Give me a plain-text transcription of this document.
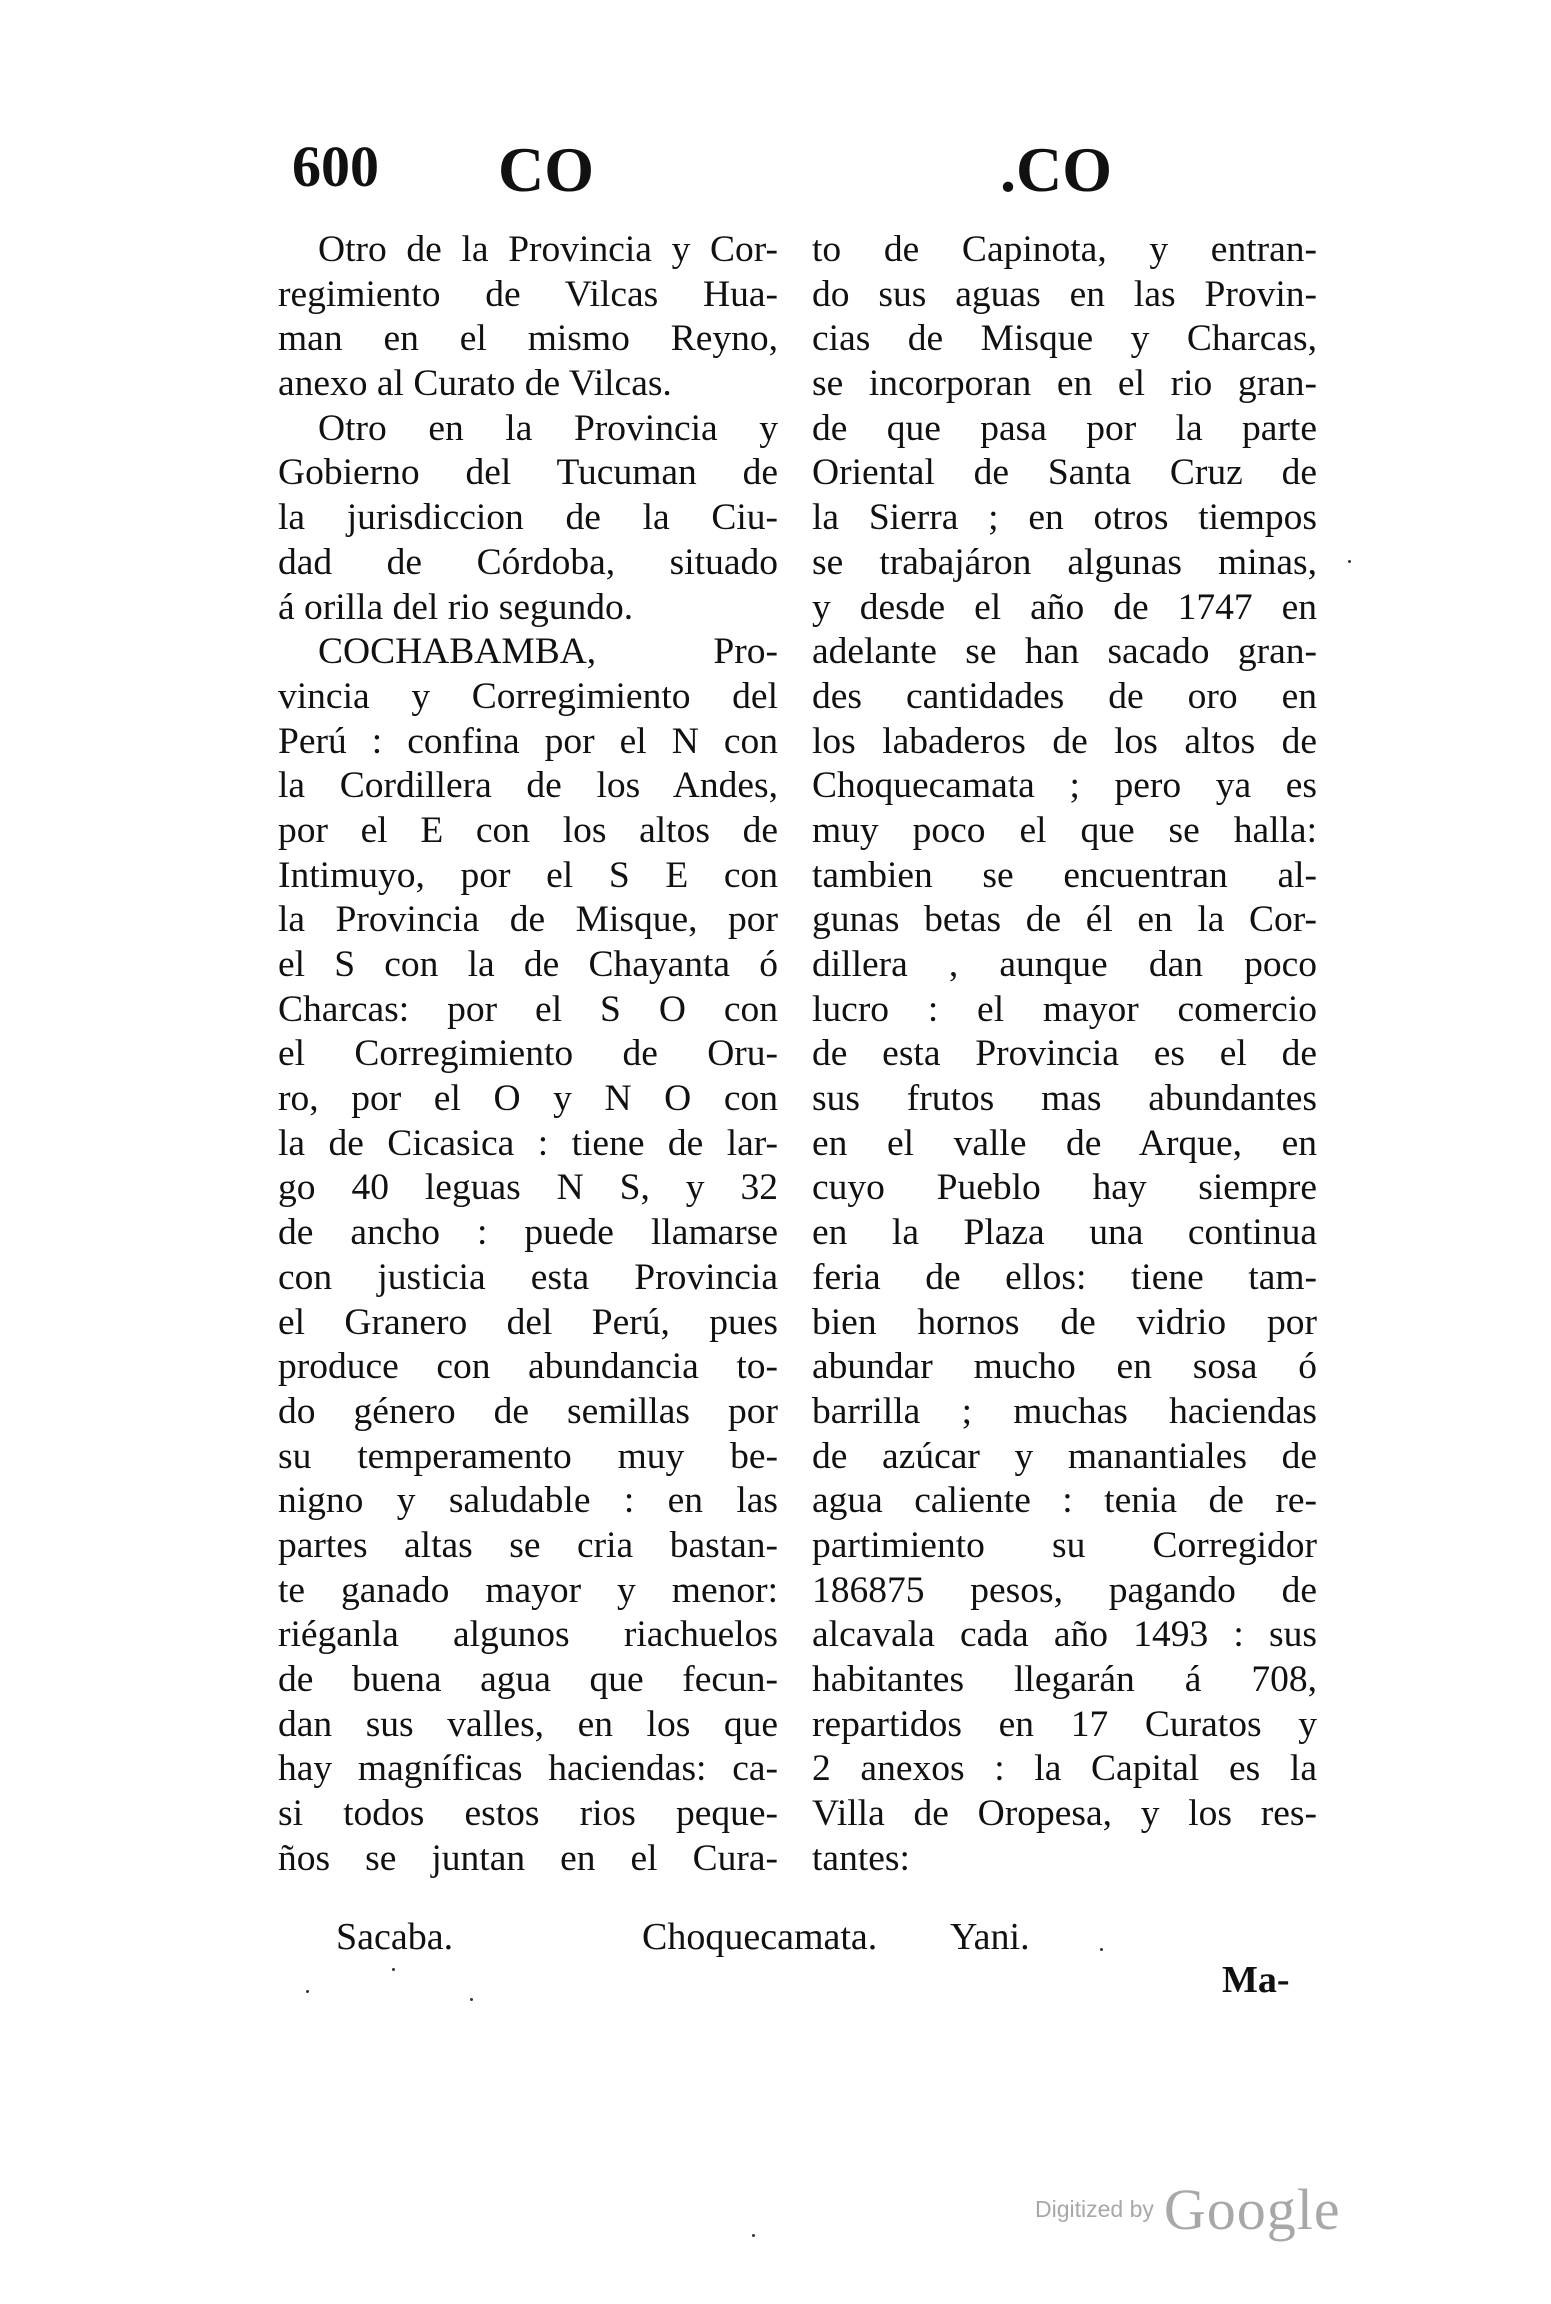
600 CO	.CO
Otro de la Provincia y Cor-
regimiento de Vilcas Hua-
man en el mismo Reyno,
anexo al Curato de Vilcas.
Otro en la Provincia y
Gobierno del Tucuman de
la jurisdiccion de la Ciu-
dad de Córdoba, situado
á orilla del rio segundo.
COCHABAMBA, Pro-
vincia y Corregimiento del
Perú : confina por el N con
la Cordillera de los Andes,
por el E con los altos de
Intimuyo, por el S E con
la Provincia de Misque, por
el S con la de Chayanta ó
Charcas: por el S O con
el Corregimiento de Oru-
ro, por el O y N O con
la de Cicasica : tiene de lar-
go 40 leguas N S, y 32
de ancho : puede llamarse
con justicia esta Provincia
el Granero del Perú, pues
produce con abundancia to-
do género de semillas por
su temperamento muy be-
nigno y saludable : en las
partes altas se cria bastan-
te ganado mayor y menor:
riéganla algunos riachuelos
de buena agua que fecun-
dan sus valles, en los que
hay magníficas haciendas: ca-
si todos estos rios peque-
ños se juntan en el Cura-
to de Capinota, y entran-
do sus aguas en las Provin-
cias de Misque y Charcas,
se incorporan en el rio gran-
de que pasa por la parte
Oriental de Santa Cruz de
la Sierra ; en otros tiempos
se trabajáron algunas minas,
y desde el año de 1747 en
adelante se han sacado gran-
des cantidades de oro en
los labaderos de los altos de
Choquecamata ; pero ya es
muy poco el que se halla:
tambien se encuentran al-
gunas betas de él en la Cor-
dillera , aunque dan poco
lucro : el mayor comercio
de esta Provincia es el de
sus frutos mas abundantes
en el valle de Arque, en
cuyo Pueblo hay siempre
en la Plaza una continua
feria de ellos: tiene tam-
bien hornos de vidrio por
abundar mucho en sosa ó
barrilla ; muchas haciendas
de azúcar y manantiales de
agua caliente : tenia de re-
partimiento su Corregidor
186875 pesos, pagando de
alcavala cada año 1493 : sus
habitantes llegarán á 708,
repartidos en 17 Curatos y
2 anexos : la Capital es la
Villa de Oropesa, y los res-
tantes:
Sacaba.	Choquecamata. Yani.
Ma-
Digitized by Google
